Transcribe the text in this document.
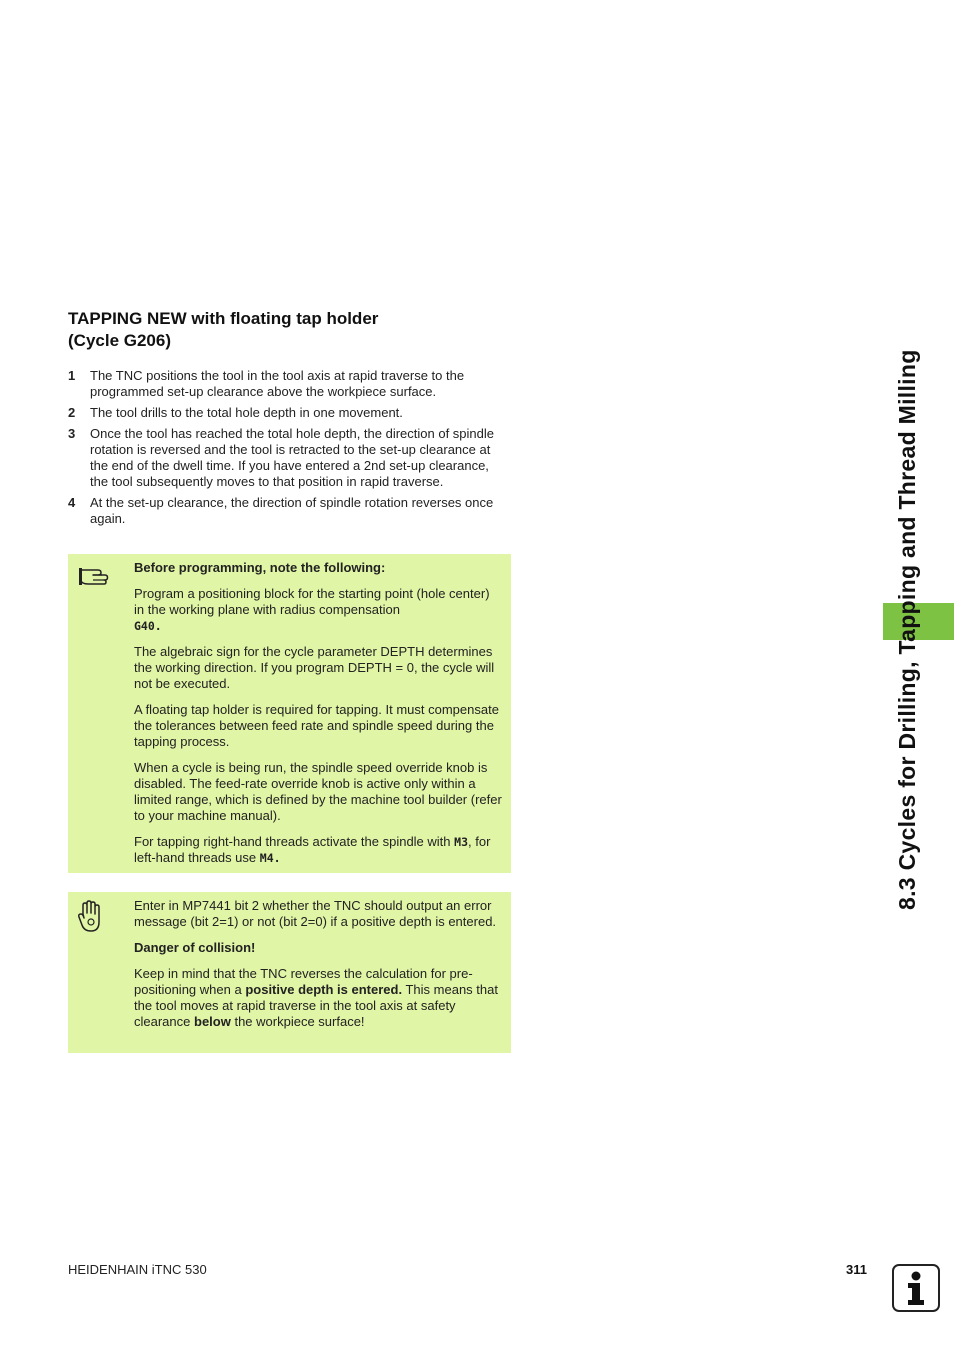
TAPPING NEW with floating tap holder
(Cycle G206)
1	The TNC positions the tool in the tool axis at rapid traverse to the programmed set-up clearance above the workpiece surface.
2	The tool drills to the total hole depth in one movement.
3	Once the tool has reached the total hole depth, the direction of spindle rotation is reversed and the tool is retracted to the set-up clearance at the end of the dwell time. If you have entered a 2nd set-up clearance, the tool subsequently moves to that position in rapid traverse.
4	At the set-up clearance, the direction of spindle rotation reverses once again.

Before programming, note the following:

Program a positioning block for the starting point (hole center) in the working plane with radius compensation
G40.

The algebraic sign for the cycle parameter DEPTH determines the working direction. If you program DEPTH = 0, the cycle will not be executed.

A floating tap holder is required for tapping. It must compensate the tolerances between feed rate and spindle speed during the tapping process.

When a cycle is being run, the spindle speed override knob is disabled. The feed-rate override knob is active only within a limited range, which is defined by the machine tool builder (refer to your machine manual).

For tapping right-hand threads activate the spindle with M3, for left-hand threads use M4.

Enter in MP7441 bit 2 whether the TNC should output an error message (bit 2=1) or not (bit 2=0) if a positive depth is entered.

Danger of collision!

Keep in mind that the TNC reverses the calculation for pre-positioning when a positive depth is entered. This means that the tool moves at rapid traverse in the tool axis at safety clearance below the workpiece surface!

8.3 Cycles for Drilling, Tapping and Thread Milling
HEIDENHAIN iTNC 530	311
